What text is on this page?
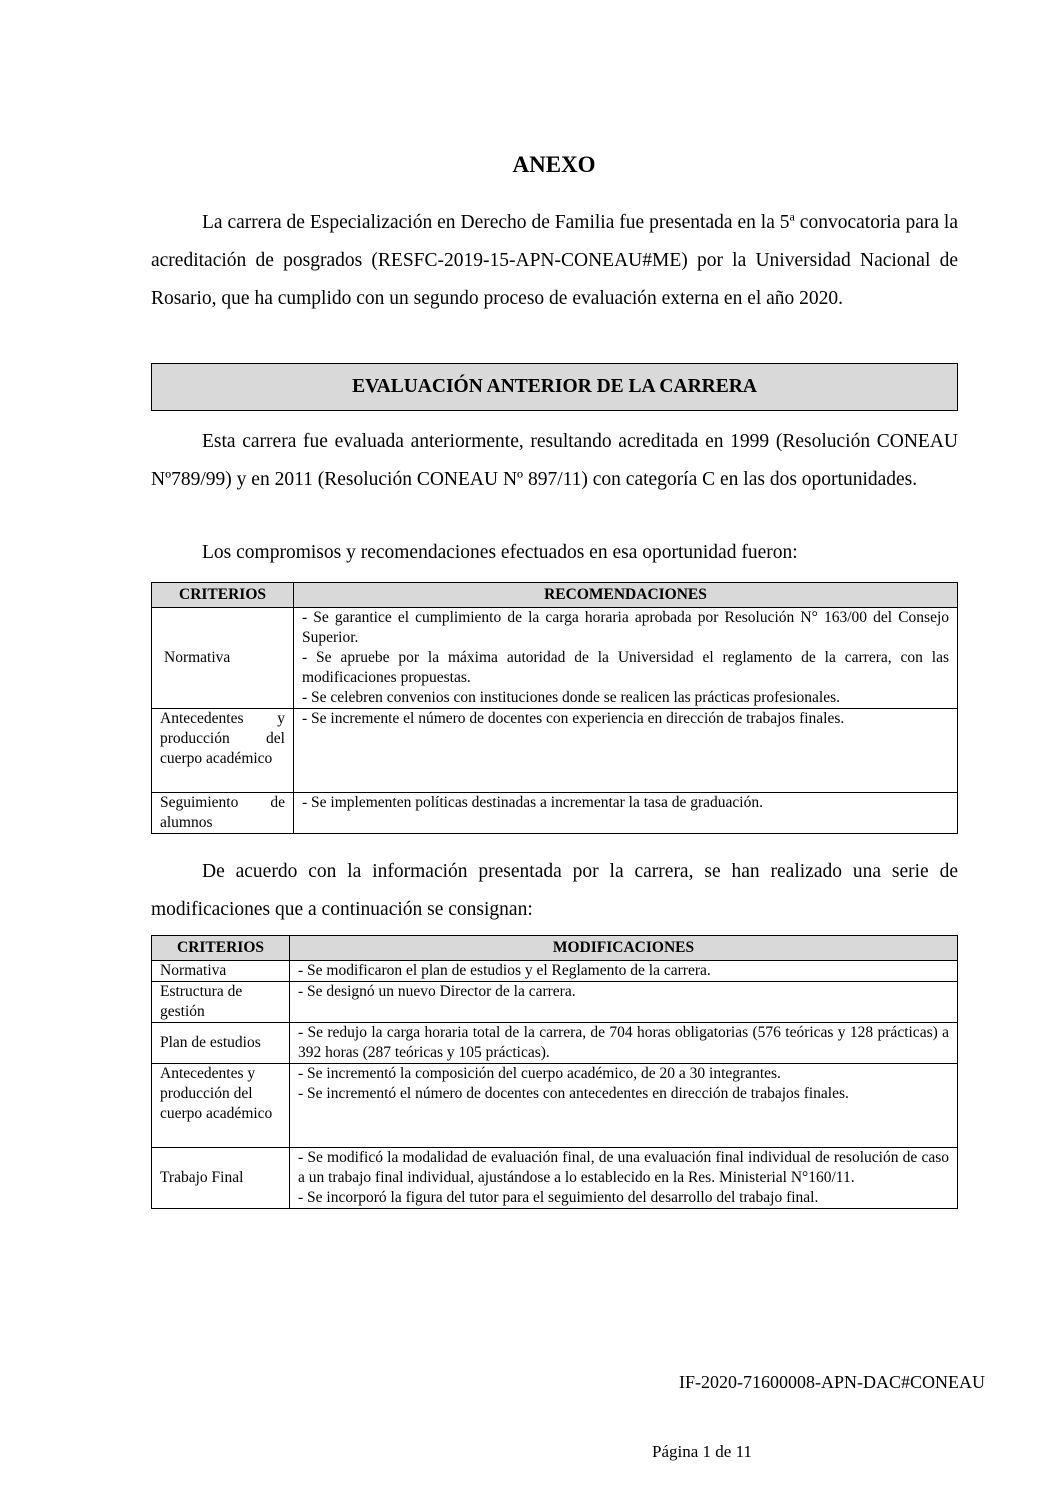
ANEXO

La carrera de Especialización en Derecho de Familia fue presentada en la 5$^a$ convocatoria para la acreditación de posgrados (RESFC-2019-15-APN-CONEAU#ME) por la Universidad Nacional de Rosario, que ha cumplido con un segundo proceso de evaluación externa en el año 2020.

EVALUACIÓN ANTERIOR DE LA CARRERA

Esta carrera fue evaluada anteriormente, resultando acreditada en 1999 (Resolución CONEAU Nº789/99) y en 2011 (Resolución CONEAU Nº 897/11) con categoría C en las dos oportunidades.

Los compromisos y recomendaciones efectuados en esa oportunidad fueron:

CRITERIOS	RECOMENDACIONES
Normativa	- Se garantice el cumplimiento de la carga horaria aprobada por Resolución N° 163/00 del Consejo Superior.
- Se apruebe por la máxima autoridad de la Universidad el reglamento de la carrera, con las modificaciones propuestas.
- Se celebren convenios con instituciones donde se realicen las prácticas profesionales.

Antecedentes y producción del cuerpo académico	- Se incremente el número de docentes con experiencia en dirección de trabajos finales.

Seguimiento de alumnos	- Se implementen políticas destinadas a incrementar la tasa de graduación.

De acuerdo con la información presentada por la carrera, se han realizado una serie de modificaciones que a continuación se consignan:

CRITERIOS	MODIFICACIONES
Normativa	- Se modificaron el plan de estudios y el Reglamento de la carrera.

Estructura de gestión	- Se designó un nuevo Director de la carrera.

Plan de estudios	- Se redujo la carga horaria total de la carrera, de 704 horas obligatorias (576 teóricas y 128 prácticas) a 392 horas (287 teóricas y 105 prácticas).

Antecedentes y producción del cuerpo académico	- Se incrementó la composición del cuerpo académico, de 20 a 30 integrantes.
- Se incrementó el número de docentes con antecedentes en dirección de trabajos finales.

Trabajo Final	- Se modificó la modalidad de evaluación final, de una evaluación final individual de resolución de caso a un trabajo final individual, ajustándose a lo establecido en la Res. Ministerial N°160/11.
- Se incorporó la figura del tutor para el seguimiento del desarrollo del trabajo final.
IF-2020-71600008-APN-DAC#CONEAU
Página 1 de 11
